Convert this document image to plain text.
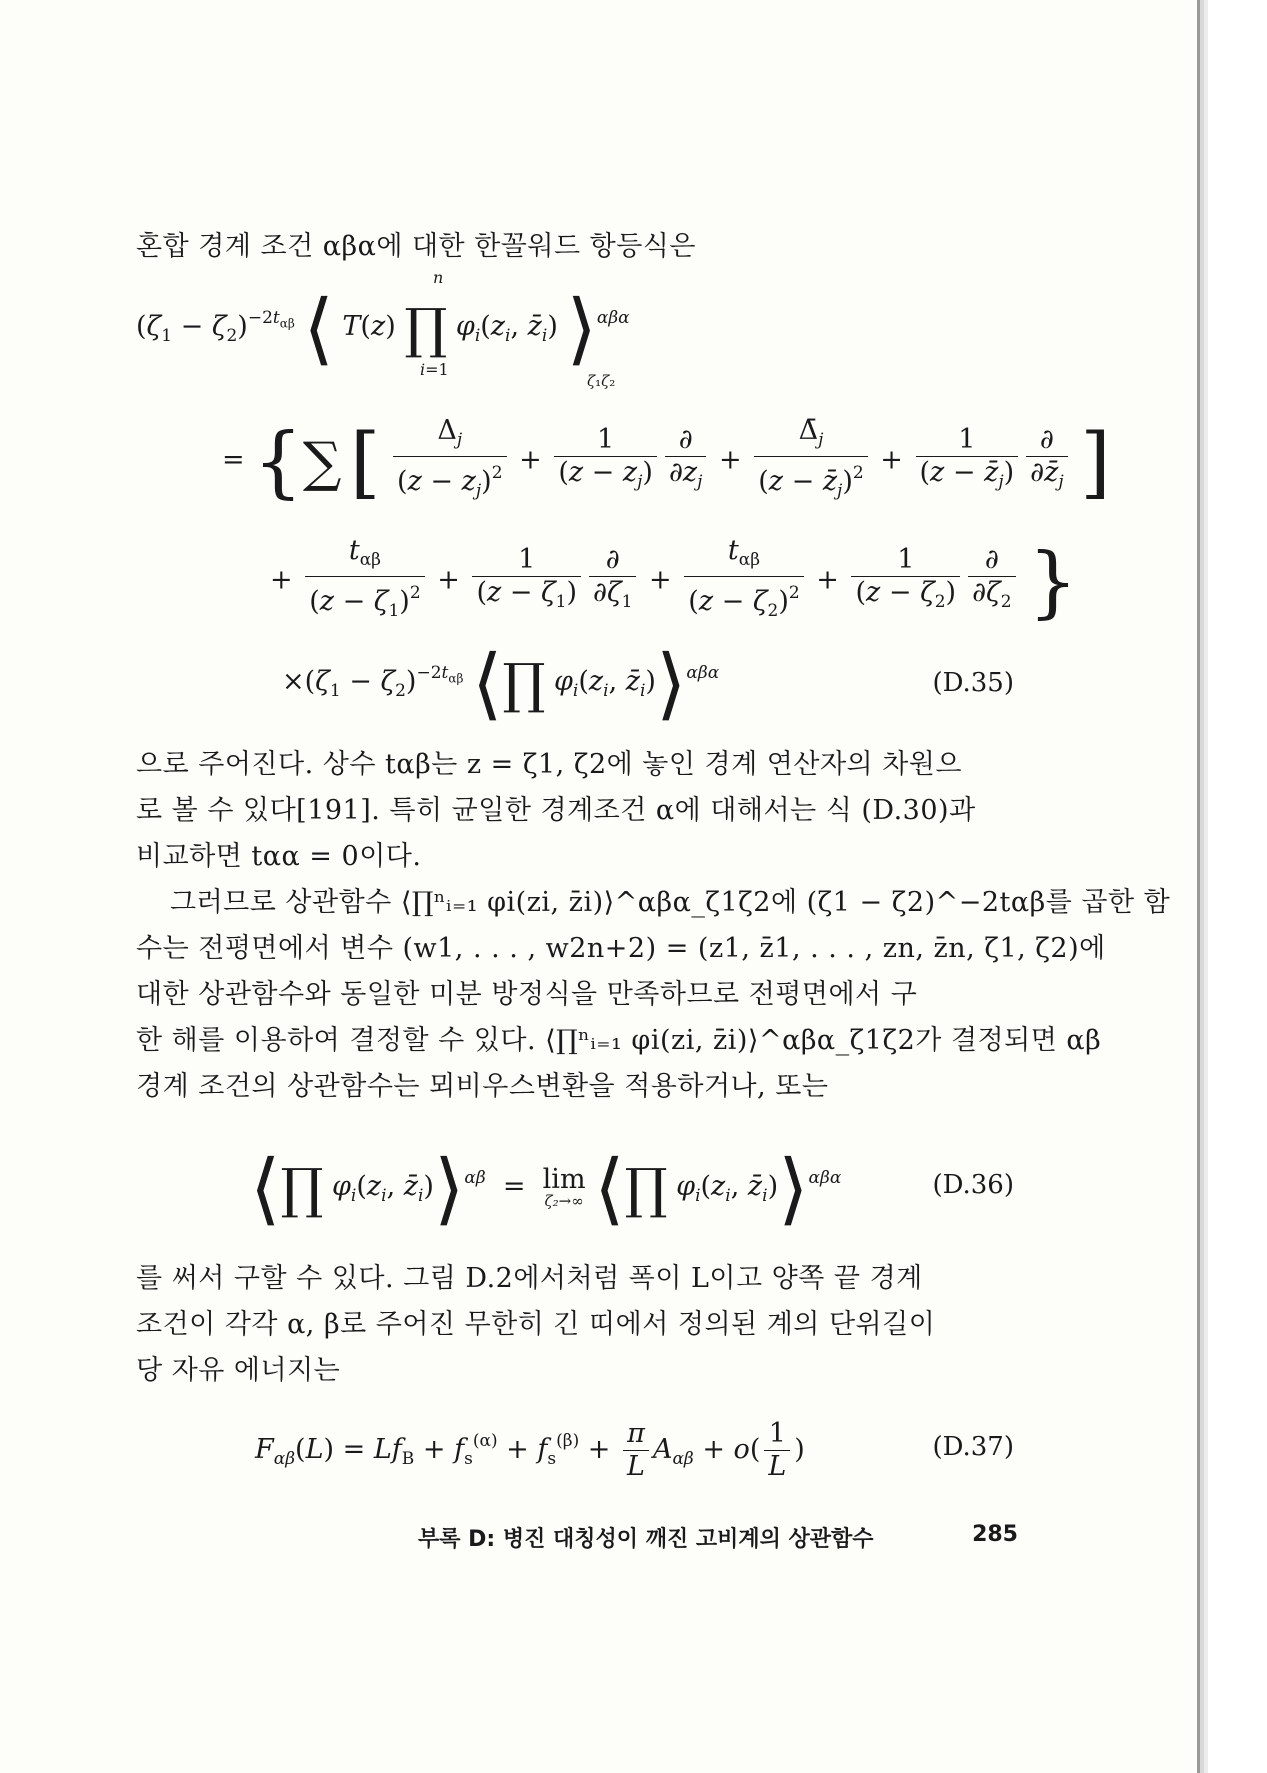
혼합 경계 조건 αβα에 대한 한꼴워드 항등식은
$(\zeta_1 - \zeta_2)^{-2t_{\alpha\beta}}$ ⟨ T(z) ∏ $\varphi_i(z_i$, $z̄_i$) ⟩$^{\alpha\beta\alpha}$
n
i=1
ζ₁ζ₂
= {∑ [ $\frac{\Delta_j}{(z - z_j)^2} + \frac{1}{(z - z_j)} \frac{\partial}{\partial z_j} + \frac{\Deltā_j}{(z - z̄_j)^2} + \frac{1}{(z - z̄_j)} \frac{\partial}{\partial z̄_j}$ ]
+ $\frac{t_{\alpha\beta}}{(z - \zeta_1)^2} + \frac{1}{(z - \zeta_1)} \frac{\partial}{\partial\zeta_1} + \frac{t_{\alpha\beta}}{(z - \zeta_2)^2} + \frac{1}{(z - \zeta_2)} \frac{\partial}{\partial\zeta_2}$ }
$\times(\zeta_1 - \zeta_2)^{-2t_{\alpha\beta}}$ ⟨∏ $\varphi_i(z_i$, $z̄_i)⟩^{\alpha\beta\alpha}$	(D.35)
으로 주어진다. 상수 tαβ는 z = ζ1, ζ2에 놓인 경계 연산자의 차원으
로 볼 수 있다[191]. 특히 균일한 경계조건 α에 대해서는 식 (D.30)과
비교하면 tαα = 0이다.
그러므로 상관함수 ⟨∏ⁿᵢ₌₁ φi(zi, z̄i)⟩^αβα_ζ1ζ2에 (ζ1 − ζ2)^−2tαβ를 곱한 함
수는 전평면에서 변수 (w1, . . . , w2n+2) = (z1, z̄1, . . . , zn, z̄n, ζ1, ζ2)에
대한 상관함수와 동일한 미분 방정식을 만족하므로 전평면에서 구
한 해를 이용하여 결정할 수 있다. ⟨∏ⁿᵢ₌₁ φi(zi, z̄i)⟩^αβα_ζ1ζ2가 결정되면 αβ
경계 조건의 상관함수는 뫼비우스변환을 적용하거나, 또는
⟨∏ $\varphi_i(z_i$, $z̄_i)⟩^{\alpha\beta} = \lim$
ζ₂→∞ ⟨∏ $\varphi_i(z_i$, $z̄_i)⟩^{\alpha\beta\alpha}$	(D.36)
를 써서 구할 수 있다. 그림 D.2에서처럼 폭이 L이고 양쪽 끝 경계
조건이 각각 α, β로 주어진 무한히 긴 띠에서 정의된 계의 단위길이
당 자유 에너지는
$F_{\alpha\beta}(L) = Lf_B + f_s^{(\alpha)} + f_s^{(\beta)} + \frac{\pi}{L} A_{\alpha\beta} + o( \frac{1}{L}$ )	(D.37)
부록 D: 병진 대칭성이 깨진 고비계의 상관함수	285
